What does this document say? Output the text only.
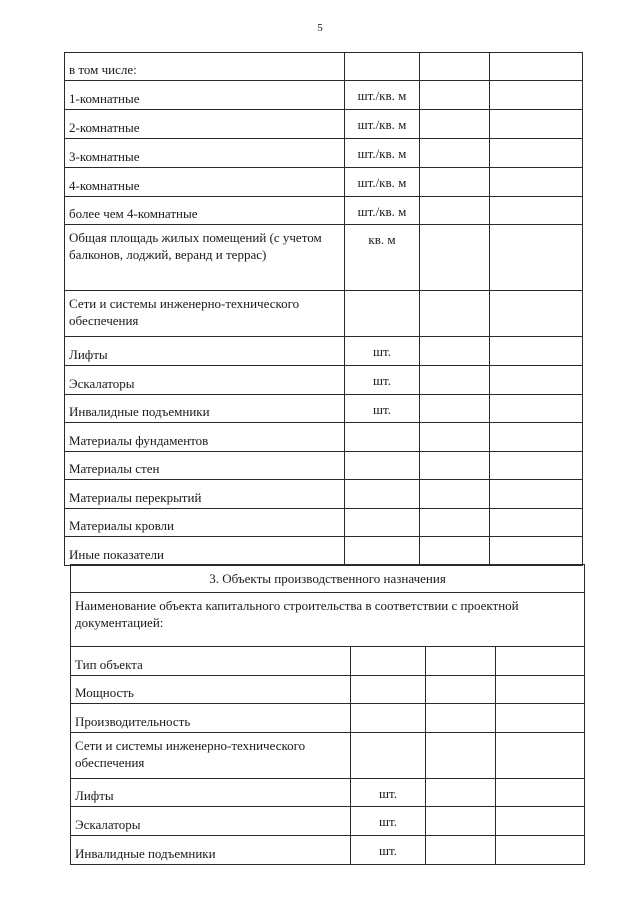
5
в том числе:			
1-комнатные	шт./кв. м		
2-комнатные	шт./кв. м		
3-комнатные	шт./кв. м		
4-комнатные	шт./кв. м		
более чем 4-комнатные	шт./кв. м		
Общая площадь жилых помещений (с учетом балконов, лоджий, веранд и террас)	кв. м		
Сети и системы инженерно-технического обеспечения			
Лифты	шт.		
Эскалаторы	шт.		
Инвалидные подъемники	шт.		
Материалы фундаментов			
Материалы стен			
Материалы перекрытий			
Материалы кровли			
Иные показатели			
3. Объекты производственного назначения			
Наименование объекта капитального строительства в соответствии с проектной документацией:			
Тип объекта			
Мощность			
Производительность			
Сети и системы инженерно-технического обеспечения			
Лифты	шт.		
Эскалаторы	шт.		
Инвалидные подъемники	шт.		
